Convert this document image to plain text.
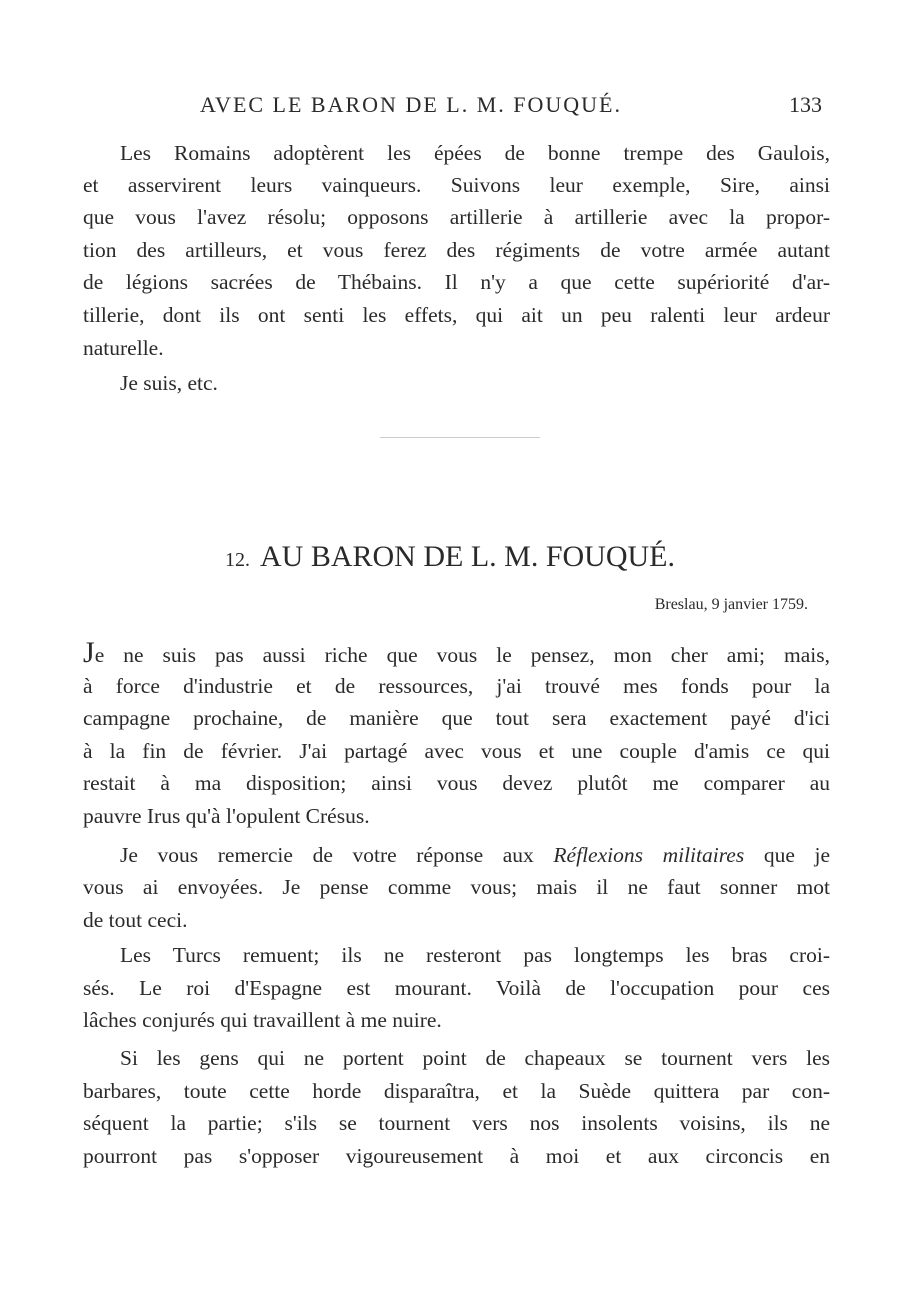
AVEC LE BARON DE L. M. FOUQUÉ.	133
Les Romains adoptèrent les épées de bonne trempe des Gaulois,
et asservirent leurs vainqueurs. Suivons leur exemple, Sire, ainsi
que vous l'avez résolu; opposons artillerie à artillerie avec la propor-
tion des artilleurs, et vous ferez des régiments de votre armée autant
de légions sacrées de Thébains. Il n'y a que cette supériorité d'ar-
tillerie, dont ils ont senti les effets, qui ait un peu ralenti leur ardeur
naturelle.
Je suis, etc.
12. AU BARON DE L. M. FOUQUÉ.
Breslau, 9 janvier 1759.
Je ne suis pas aussi riche que vous le pensez, mon cher ami; mais,
à force d'industrie et de ressources, j'ai trouvé mes fonds pour la
campagne prochaine, de manière que tout sera exactement payé d'ici
à la fin de février. J'ai partagé avec vous et une couple d'amis ce qui
restait à ma disposition; ainsi vous devez plutôt me comparer au
pauvre Irus qu'à l'opulent Crésus.
Je vous remercie de votre réponse aux Réflexions militaires que je
vous ai envoyées. Je pense comme vous; mais il ne faut sonner mot
de tout ceci.
Les Turcs remuent; ils ne resteront pas longtemps les bras croi-
sés. Le roi d'Espagne est mourant. Voilà de l'occupation pour ces
lâches conjurés qui travaillent à me nuire.
Si les gens qui ne portent point de chapeaux se tournent vers les
barbares, toute cette horde disparaîtra, et la Suède quittera par con-
séquent la partie; s'ils se tournent vers nos insolents voisins, ils ne
pourront pas s'opposer vigoureusement à moi et aux circoncis en
